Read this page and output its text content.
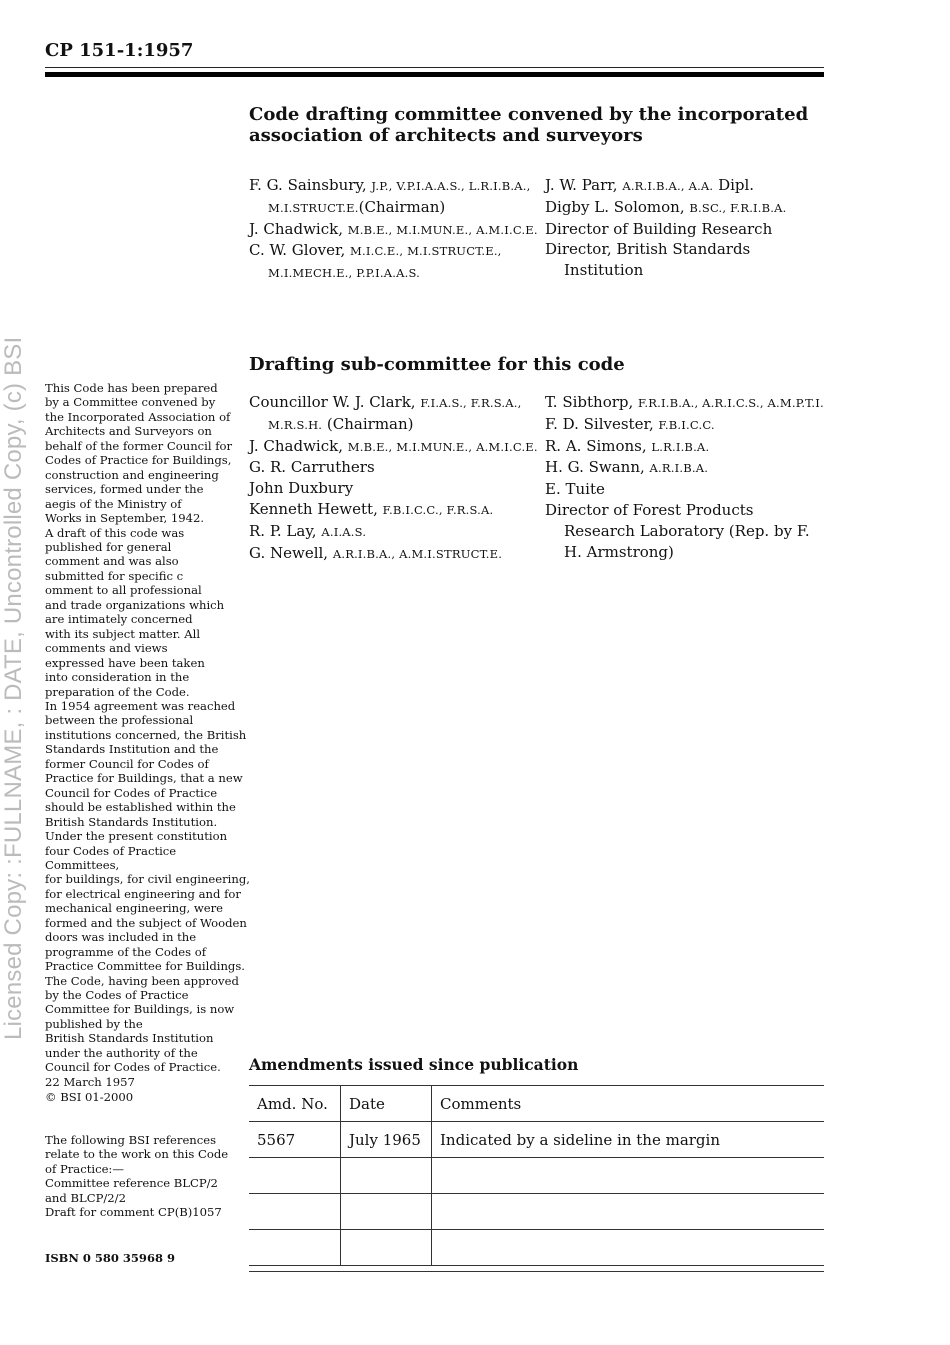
CP 151-1:1957
Licensed Copy: :FULLNAME, : DATE, Uncontrolled Copy, (c) BSI
Code drafting committee convened by the incorporated
association of architects and surveyors
F. G. Sainsbury, J.P., V.P.I.A.A.S., L.R.I.B.A., M.I.STRUCT.E.(Chairman)
J. Chadwick, M.B.E., M.I.MUN.E., A.M.I.C.E.
C. W. Glover, M.I.C.E., M.I.STRUCT.E., M.I.MECH.E., P.P.I.A.A.S.
J. W. Parr, A.R.I.B.A., A.A. Dipl.
Digby L. Solomon, B.SC., F.R.I.B.A.
Director of Building Research
Director, British Standards Institution
Drafting sub-committee for this code
Councillor W. J. Clark, F.I.A.S., F.R.S.A., M.R.S.H. (Chairman)
J. Chadwick, M.B.E., M.I.MUN.E., A.M.I.C.E.
G. R. Carruthers
John Duxbury
Kenneth Hewett, F.B.I.C.C., F.R.S.A.
R. P. Lay, A.I.A.S.
G. Newell, A.R.I.B.A., A.M.I.STRUCT.E.
T. Sibthorp, F.R.I.B.A., A.R.I.C.S., A.M.P.T.I.
F. D. Silvester, F.B.I.C.C.
R. A. Simons, L.R.I.B.A.
H. G. Swann, A.R.I.B.A.
E. Tuite
Director of Forest Products Research Laboratory (Rep. by F. H. Armstrong)
This Code has been prepared
by a Committee convened by
the Incorporated Association of
Architects and Surveyors on
behalf of the former Council for
Codes of Practice for Buildings,
construction and engineering
services, formed under the
aegis of the Ministry of
Works in September, 1942.
A draft of this code was
published for general
comment and was also
submitted for specific c
omment to all professional
and trade organizations which
are intimately concerned
with its subject matter. All
comments and views
expressed have been taken
into consideration in the
preparation of the Code.
In 1954 agreement was reached
between the professional
institutions concerned, the British
Standards Institution and the
former Council for Codes of
Practice for Buildings, that a new
Council for Codes of Practice
should be established within the
British Standards Institution.
Under the present constitution
four Codes of Practice Committees,
for buildings, for civil engineering,
for electrical engineering and for
mechanical engineering, were
formed and the subject of Wooden
doors was included in the
programme of the Codes of
Practice Committee for Buildings.
The Code, having been approved
by the Codes of Practice
Committee for Buildings, is now
published by the
British Standards Institution
under the authority of the
Council for Codes of Practice.
22 March 1957
© BSI 01-2000
The following BSI references
relate to the work on this Code
of Practice:—
Committee reference BLCP/2
and BLCP/2/2
Draft for comment CP(B)1057
ISBN 0 580 35968 9
Amendments issued since publication
Amd. No.	Date	Comments
5567	July 1965	Indicated by a sideline in the margin
